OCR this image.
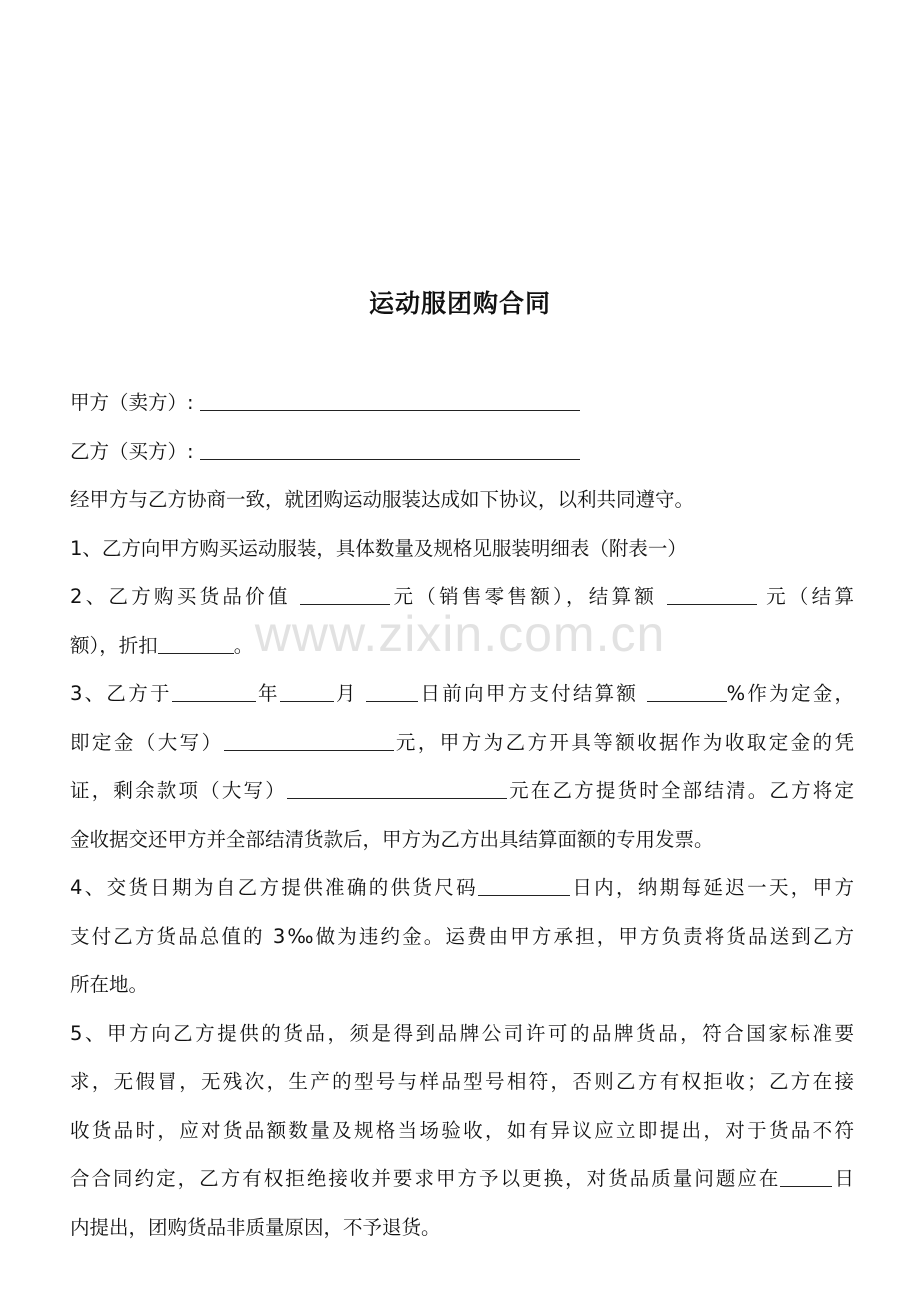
运动服团购合同

甲方（卖方）:

乙方（买方）:

经甲方与乙方协商一致，就团购运动服装达成如下协议，以利共同遵守。

1、乙方向甲方购买运动服装，具体数量及规格见服装明细表（附表一）

2、乙方购买货品价值	元（销售零售额），结算额	元（结算

额），折扣	。

3、乙方于	年	月	日前向甲方支付结算额	%作为定金，

即定金（大写）	元，甲方为乙方开具等额收据作为收取定金的凭

证，剩余款项（大写）	元在乙方提货时全部结清。乙方将定

金收据交还甲方并全部结清货款后，甲方为乙方出具结算面额的专用发票。

4、交货日期为自乙方提供准确的供货尺码	日内，纳期每延迟一天，甲方

支付乙方货品总值的 3‰做为违约金。运费由甲方承担，甲方负责将货品送到乙方

所在地。

5、甲方向乙方提供的货品，须是得到品牌公司许可的品牌货品，符合国家标准要

求，无假冒，无残次，生产的型号与样品型号相符，否则乙方有权拒收；乙方在接

收货品时，应对货品额数量及规格当场验收，如有异议应立即提出，对于货品不符

合合同约定，乙方有权拒绝接收并要求甲方予以更换，对货品质量问题应在	日

内提出，团购货品非质量原因，不予退货。

www.zixin.com.cn
